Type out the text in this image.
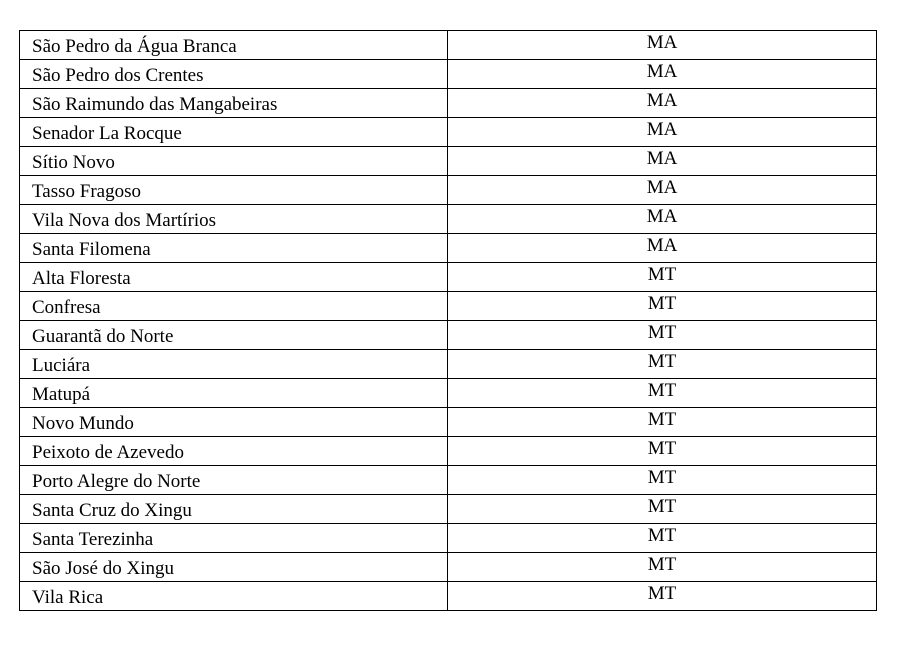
São Pedro da Água Branca	MA
São Pedro dos Crentes	MA
São Raimundo das Mangabeiras	MA
Senador La Rocque	MA
Sítio Novo	MA
Tasso Fragoso	MA
Vila Nova dos Martírios	MA
Santa Filomena	MA
Alta Floresta	MT
Confresa	MT
Guarantã do Norte	MT
Luciára	MT
Matupá	MT
Novo Mundo	MT
Peixoto de Azevedo	MT
Porto Alegre do Norte	MT
Santa Cruz do Xingu	MT
Santa Terezinha	MT
São José do Xingu	MT
Vila Rica	MT
